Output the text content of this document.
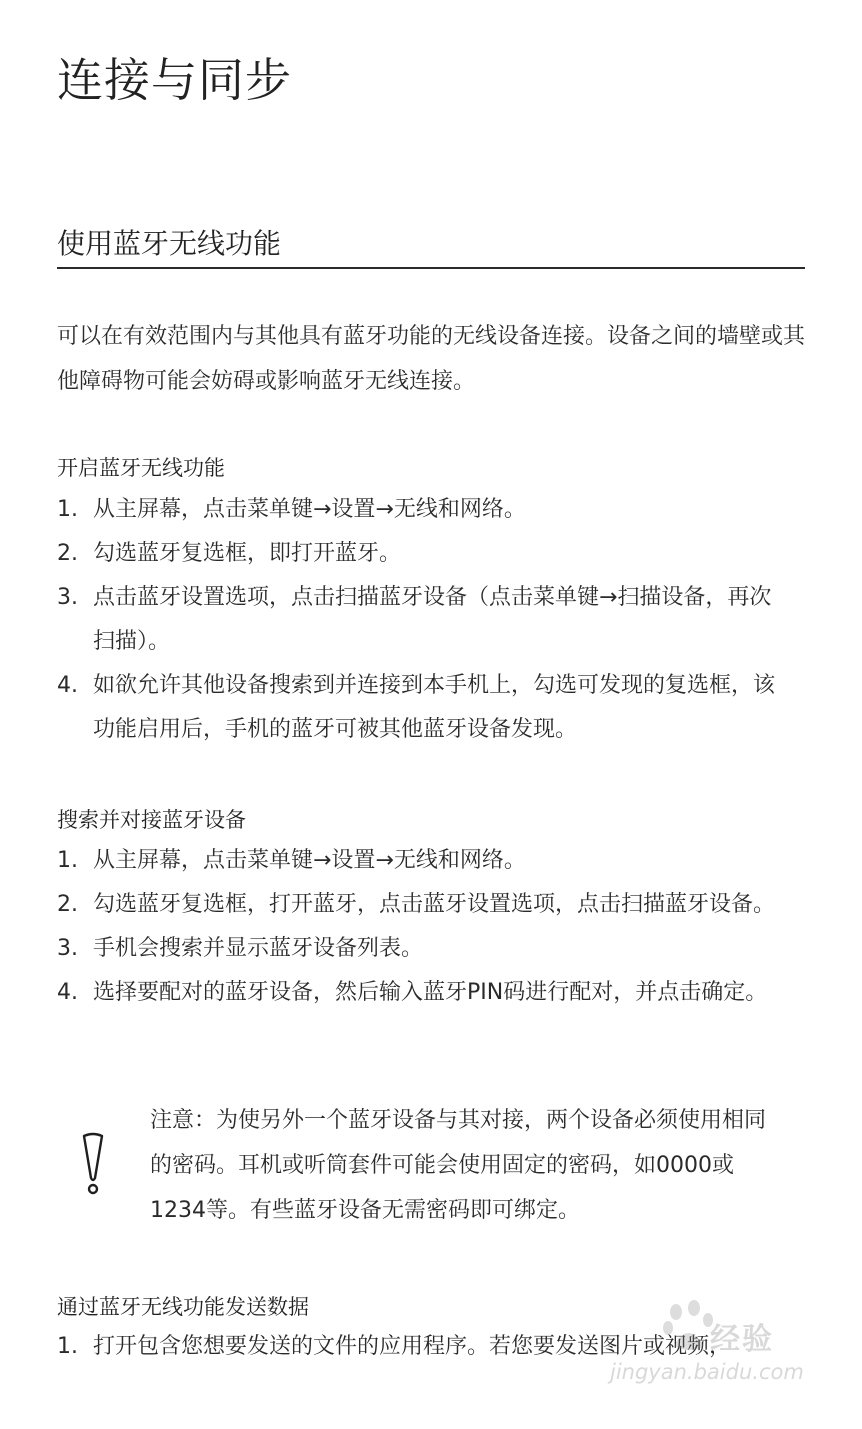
连接与同步
使用蓝牙无线功能

可以在有效范围内与其他具有蓝牙功能的无线设备连接。设备之间的墙壁或其他障碍物可能会妨碍或影响蓝牙无线连接。

开启蓝牙无线功能
1. 从主屏幕，点击菜单键→设置→无线和网络。
2. 勾选蓝牙复选框，即打开蓝牙。
3. 点击蓝牙设置选项，点击扫描蓝牙设备（点击菜单键→扫描设备，再次扫描）。
4. 如欲允许其他设备搜索到并连接到本手机上，勾选可发现的复选框，该功能启用后，手机的蓝牙可被其他蓝牙设备发现。
搜索并对接蓝牙设备
1. 从主屏幕，点击菜单键→设置→无线和网络。
2. 勾选蓝牙复选框，打开蓝牙，点击蓝牙设置选项，点击扫描蓝牙设备。
3. 手机会搜索并显示蓝牙设备列表。
4. 选择要配对的蓝牙设备，然后输入蓝牙PIN码进行配对，并点击确定。

注意：为使另外一个蓝牙设备与其对接，两个设备必须使用相同的密码。耳机或听筒套件可能会使用固定的密码，如0000或1234等。有些蓝牙设备无需密码即可绑定。

通过蓝牙无线功能发送数据
1. 打开包含您想要发送的文件的应用程序。若您要发送图片或视频，
经验
jingyan.baidu.com
